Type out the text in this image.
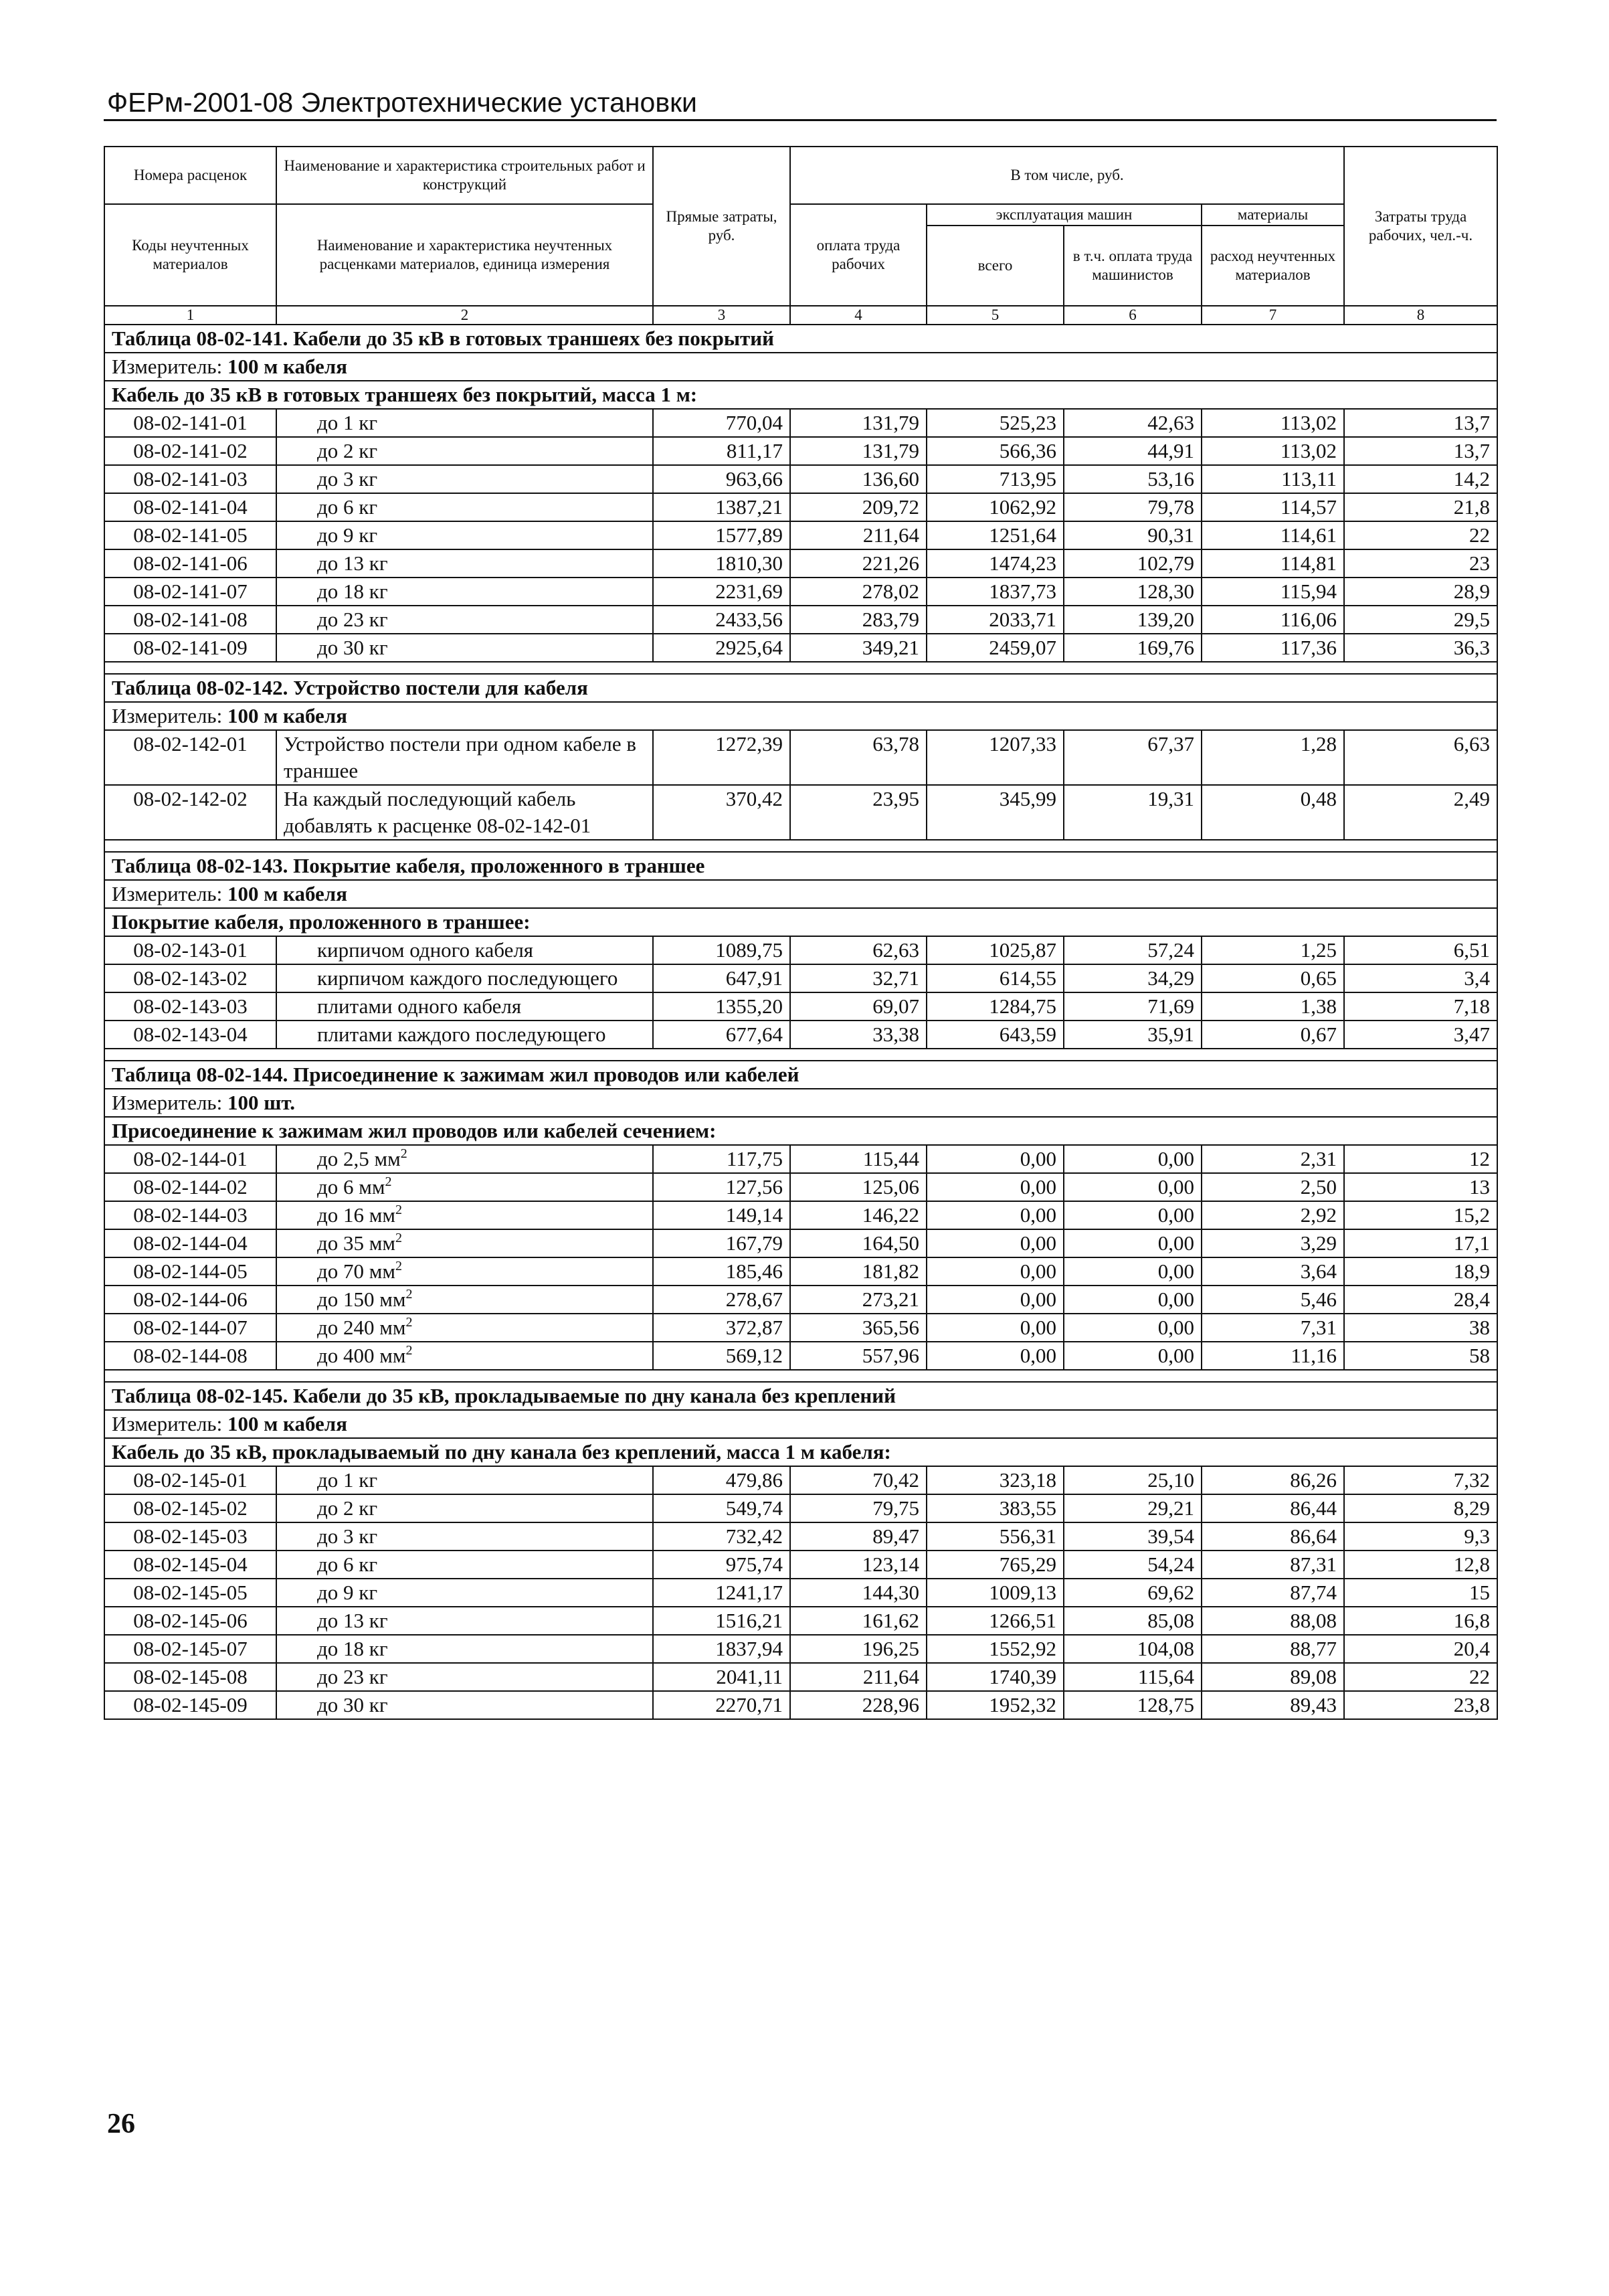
ФЕРм-2001-08 Электротехнические установки
Номера расценок	Наименование и характеристика строительных работ и конструкций	Прямые затраты, руб.	В том числе, руб.				Затраты труда рабочих, чел.-ч.
Коды неучтенных материалов	Наименование и характеристика неучтенных расценками материалов, единица измерения		оплата труда рабочих	эксплуатация машин		материалы	
				всего	в т.ч. оплата труда машинистов	расход неучтенных материалов	
1	2	3	4	5	6	7	8
Таблица 08-02-141. Кабели до 35 кВ в готовых траншеях без покрытий							
Измеритель: 100 м кабеля							
Кабель до 35 кВ в готовых траншеях без покрытий, масса 1 м:							
08-02-141-01	до 1 кг	770,04	131,79	525,23	42,63	113,02	13,7
08-02-141-02	до 2 кг	811,17	131,79	566,36	44,91	113,02	13,7
08-02-141-03	до 3 кг	963,66	136,60	713,95	53,16	113,11	14,2
08-02-141-04	до 6 кг	1387,21	209,72	1062,92	79,78	114,57	21,8
08-02-141-05	до 9 кг	1577,89	211,64	1251,64	90,31	114,61	22
08-02-141-06	до 13 кг	1810,30	221,26	1474,23	102,79	114,81	23
08-02-141-07	до 18 кг	2231,69	278,02	1837,73	128,30	115,94	28,9
08-02-141-08	до 23 кг	2433,56	283,79	2033,71	139,20	116,06	29,5
08-02-141-09	до 30 кг	2925,64	349,21	2459,07	169,76	117,36	36,3

Таблица 08-02-142. Устройство постели для кабеля							
Измеритель: 100 м кабеля							
08-02-142-01	Устройство постели при одном кабеле в траншее	1272,39	63,78	1207,33	67,37	1,28	6,63
08-02-142-02	На каждый последующий кабель добавлять к расценке 08-02-142-01	370,42	23,95	345,99	19,31	0,48	2,49

Таблица 08-02-143. Покрытие кабеля, проложенного в траншее							
Измеритель: 100 м кабеля							
Покрытие кабеля, проложенного в траншее:							
08-02-143-01	кирпичом одного кабеля	1089,75	62,63	1025,87	57,24	1,25	6,51
08-02-143-02	кирпичом каждого последующего	647,91	32,71	614,55	34,29	0,65	3,4
08-02-143-03	плитами одного кабеля	1355,20	69,07	1284,75	71,69	1,38	7,18
08-02-143-04	плитами каждого последующего	677,64	33,38	643,59	35,91	0,67	3,47

Таблица 08-02-144. Присоединение к зажимам жил проводов или кабелей							
Измеритель: 100 шт.							
Присоединение к зажимам жил проводов или кабелей сечением:							
08-02-144-01	до 2,5 $мм^2$	117,75	115,44	0,00	0,00	2,31	12
08-02-144-02	до 6 $мм^2$	127,56	125,06	0,00	0,00	2,50	13
08-02-144-03	до 16 $мм^2$	149,14	146,22	0,00	0,00	2,92	15,2
08-02-144-04	до 35 $мм^2$	167,79	164,50	0,00	0,00	3,29	17,1
08-02-144-05	до 70 $мм^2$	185,46	181,82	0,00	0,00	3,64	18,9
08-02-144-06	до 150 $мм^2$	278,67	273,21	0,00	0,00	5,46	28,4
08-02-144-07	до 240 $мм^2$	372,87	365,56	0,00	0,00	7,31	38
08-02-144-08	до 400 $мм^2$	569,12	557,96	0,00	0,00	11,16	58

Таблица 08-02-145. Кабели до 35 кВ, прокладываемые по дну канала без креплений							
Измеритель: 100 м кабеля							
Кабель до 35 кВ, прокладываемый по дну канала без креплений, масса 1 м кабеля:							
08-02-145-01	до 1 кг	479,86	70,42	323,18	25,10	86,26	7,32
08-02-145-02	до 2 кг	549,74	79,75	383,55	29,21	86,44	8,29
08-02-145-03	до 3 кг	732,42	89,47	556,31	39,54	86,64	9,3
08-02-145-04	до 6 кг	975,74	123,14	765,29	54,24	87,31	12,8
08-02-145-05	до 9 кг	1241,17	144,30	1009,13	69,62	87,74	15
08-02-145-06	до 13 кг	1516,21	161,62	1266,51	85,08	88,08	16,8
08-02-145-07	до 18 кг	1837,94	196,25	1552,92	104,08	88,77	20,4
08-02-145-08	до 23 кг	2041,11	211,64	1740,39	115,64	89,08	22
08-02-145-09	до 30 кг	2270,71	228,96	1952,32	128,75	89,43	23,8
26
